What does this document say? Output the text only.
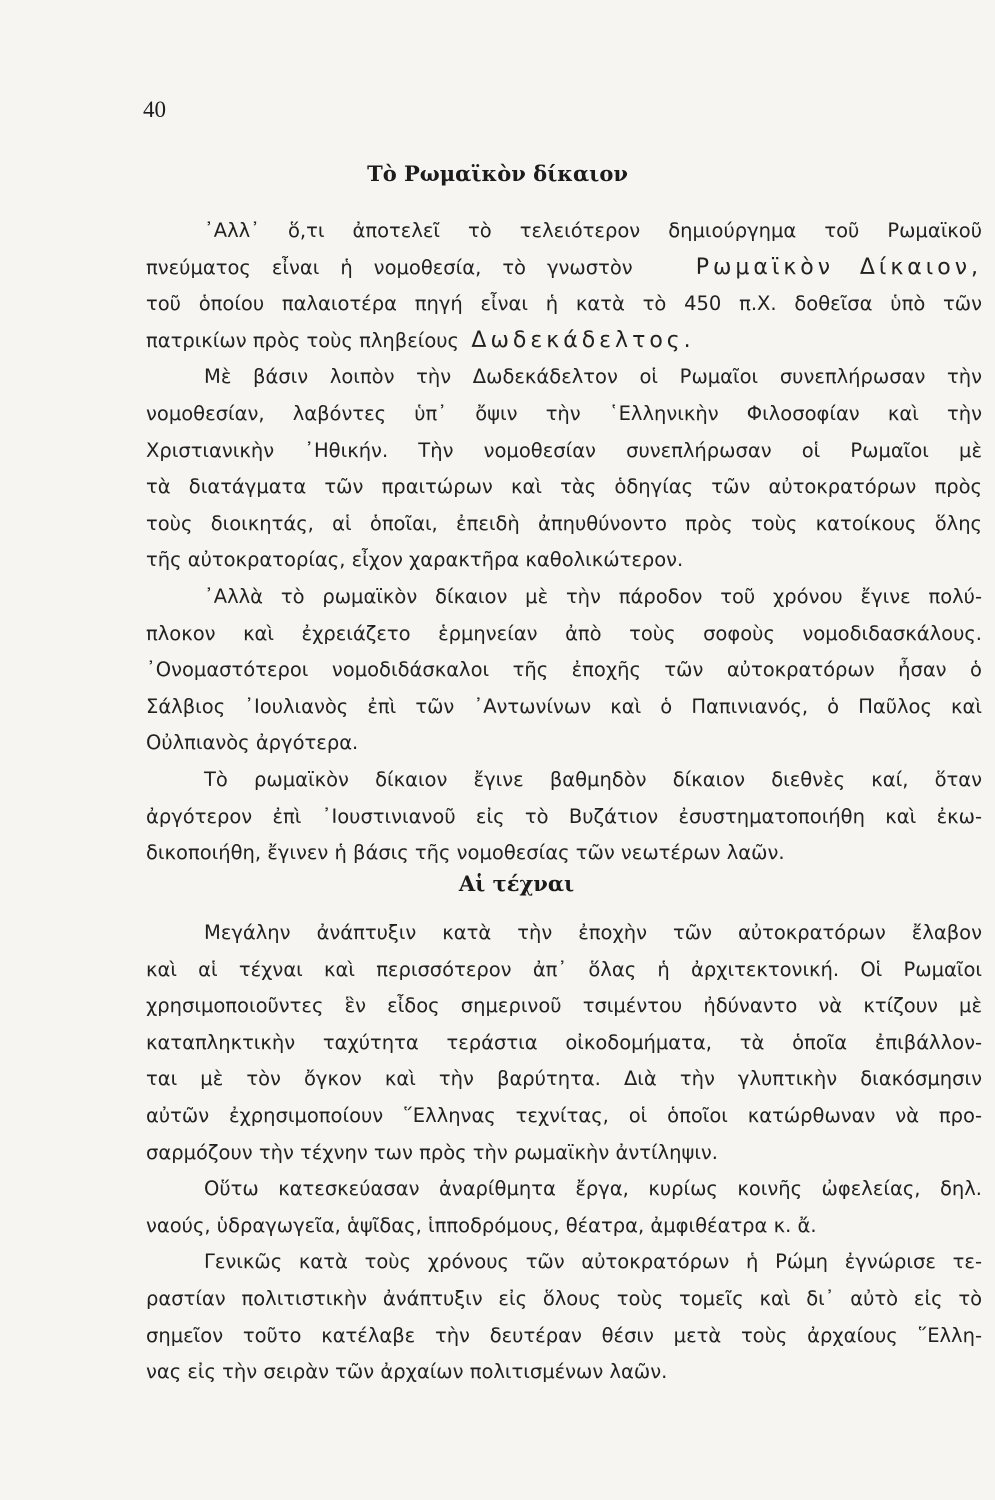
40
Τὸ Ρωμαϊκὸν δίκαιον
᾿Αλλ᾿ ὅ,τι ἀποτελεῖ τὸ τελειότερον δημιούργημα τοῦ Ρωμαϊκοῦ
πνεύματος εἶναι ἡ νομοθεσία, τὸ γνωστὸν	Ρωμαϊκὸν Δίκαιον,
τοῦ ὁποίου παλαιοτέρα πηγή εἶναι ἡ κατὰ τὸ 450 π.Χ. δοθεῖσα ὑπὸ τῶν
πατρικίων πρὸς τοὺς πληβείους Δωδεκάδελτος.
Μὲ βάσιν λοιπὸν τὴν Δωδεκάδελτον οἱ Ρωμαῖοι συνεπλήρωσαν τὴν
νομοθεσίαν, λαβόντες ὑπ᾿ ὄψιν τὴν ῾Ελληνικὴν Φιλοσοφίαν καὶ τὴν
Χριστιανικὴν ᾿Ηθικήν. Τὴν νομοθεσίαν συνεπλήρωσαν οἱ Ρωμαῖοι μὲ
τὰ διατάγματα τῶν πραιτώρων καὶ τὰς ὁδηγίας τῶν αὐτοκρατόρων πρὸς
τοὺς διοικητάς, αἱ ὁποῖαι, ἐπειδὴ ἀπηυθύνοντο πρὸς τοὺς κατοίκους ὅλης
τῆς αὐτοκρατορίας, εἶχον χαρακτῆρα καθολικώτερον.
᾿Αλλὰ τὸ ρωμαϊκὸν δίκαιον μὲ τὴν πάροδον τοῦ χρόνου ἔγινε πολύ-
πλοκον καὶ ἐχρειάζετο ἑρμηνείαν ἀπὸ τοὺς σοφοὺς νομοδιδασκάλους.
᾿Ονομαστότεροι νομοδιδάσκαλοι τῆς ἐποχῆς τῶν αὐτοκρατόρων ἦσαν ὁ
Σάλβιος ᾿Ιουλιανὸς ἐπὶ τῶν ᾿Αντωνίνων καὶ ὁ Παπινιανός, ὁ Παῦλος καὶ
Οὐλπιανὸς ἀργότερα.
Τὸ ρωμαϊκὸν δίκαιον ἔγινε βαθμηδὸν δίκαιον διεθνὲς καί, ὅταν
ἀργότερον ἐπὶ ᾿Ιουστινιανοῦ εἰς τὸ Βυζάτιον ἐσυστηματοποιήθη καὶ ἐκω-
δικοποιήθη, ἔγινεν ἡ βάσις τῆς νομοθεσίας τῶν νεωτέρων λαῶν.
Αἱ τέχναι
Μεγάλην ἀνάπτυξιν κατὰ τὴν ἐποχὴν τῶν αὐτοκρατόρων ἔλαβον
καὶ αἱ τέχναι καὶ περισσότερον ἀπ᾿ ὅλας ἡ ἀρχιτεκτονική. Οἱ Ρωμαῖοι
χρησιμοποιοῦντες ἓν εἶδος σημερινοῦ τσιμέντου ἠδύναντο νὰ κτίζουν μὲ
καταπληκτικὴν ταχύτητα τεράστια οἰκοδομήματα, τὰ ὁποῖα ἐπιβάλλον-
ται μὲ τὸν ὄγκον καὶ τὴν βαρύτητα. Διὰ τὴν γλυπτικὴν διακόσμησιν
αὐτῶν ἐχρησιμοποίουν ῞Ελληνας τεχνίτας, οἱ ὁποῖοι κατώρθωναν νὰ προ-
σαρμόζουν τὴν τέχνην των πρὸς τὴν ρωμαϊκὴν ἀντίληψιν.
Οὕτω κατεσκεύασαν ἀναρίθμητα ἔργα, κυρίως κοινῆς ὠφελείας, δηλ.
ναούς, ὑδραγωγεῖα, ἁψῖδας, ἱπποδρόμους, θέατρα, ἀμφιθέατρα κ. ἄ.
Γενικῶς κατὰ τοὺς χρόνους τῶν αὐτοκρατόρων ἡ Ρώμη ἐγνώρισε τε-
ραστίαν πολιτιστικὴν ἀνάπτυξιν εἰς ὅλους τοὺς τομεῖς καὶ δι᾿ αὐτὸ εἰς τὸ
σημεῖον τοῦτο κατέλαβε τὴν δευτέραν θέσιν μετὰ τοὺς ἀρχαίους ῞Ελλη-
νας εἰς τὴν σειρὰν τῶν ἀρχαίων πολιτισμένων λαῶν.
